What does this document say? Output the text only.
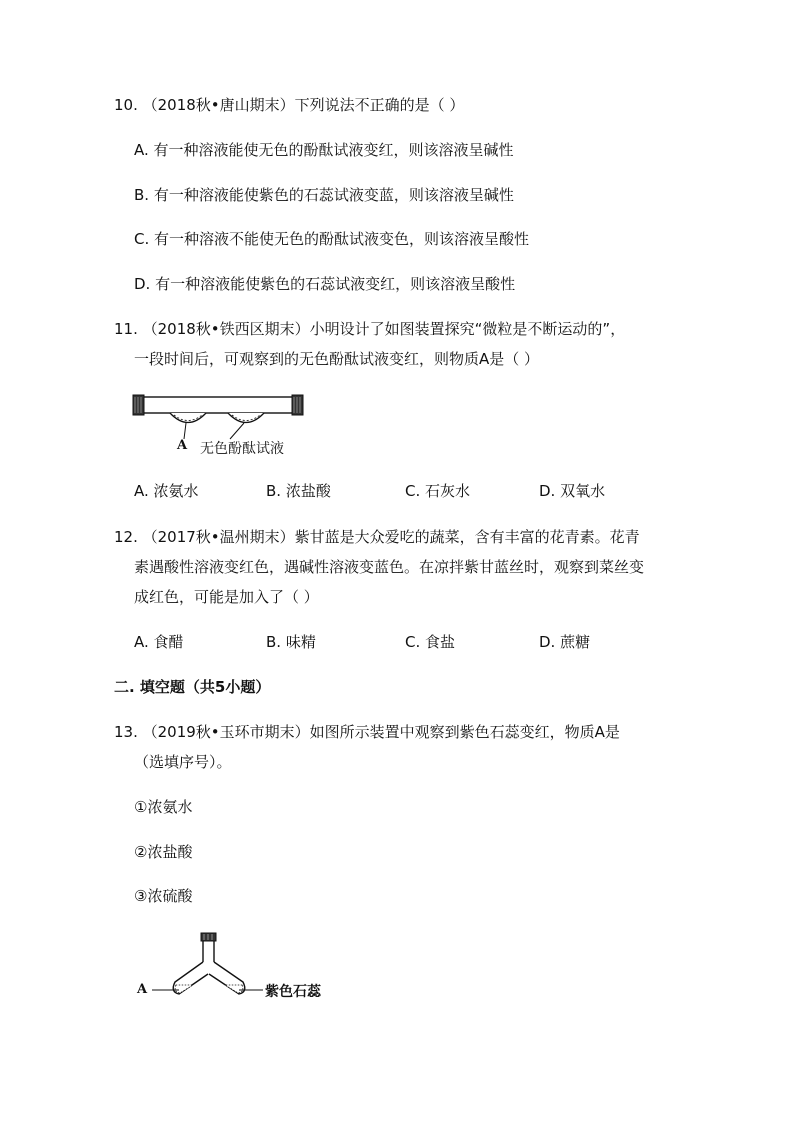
10. （2018秋•唐山期末）下列说法不正确的是（ ）
A. 有一种溶液能使无色的酚酞试液变红，则该溶液呈碱性
B. 有一种溶液能使紫色的石蕊试液变蓝，则该溶液呈碱性
C. 有一种溶液不能使无色的酚酞试液变色，则该溶液呈酸性
D. 有一种溶液能使紫色的石蕊试液变红，则该溶液呈酸性
11. （2018秋•铁西区期末）小明设计了如图装置探究“微粒是不断运动的”，
一段时间后，可观察到的无色酚酞试液变红，则物质A是（ ）
A 无色酚酞试液
A. 浓氨水	B. 浓盐酸	C. 石灰水	D. 双氧水
12. （2017秋•温州期末）紫甘蓝是大众爱吃的蔬菜，含有丰富的花青素。花青
素遇酸性溶液变红色，遇碱性溶液变蓝色。在凉拌紫甘蓝丝时，观察到菜丝变
成红色，可能是加入了（ ）
A. 食醋	B. 味精	C. 食盐	D. 蔗糖
二. 填空题（共5小题）
13. （2019秋•玉环市期末）如图所示装置中观察到紫色石蕊变红，物质A是
（选填序号）。
①浓氨水
②浓盐酸
③浓硫酸
A	紫色石蕊
